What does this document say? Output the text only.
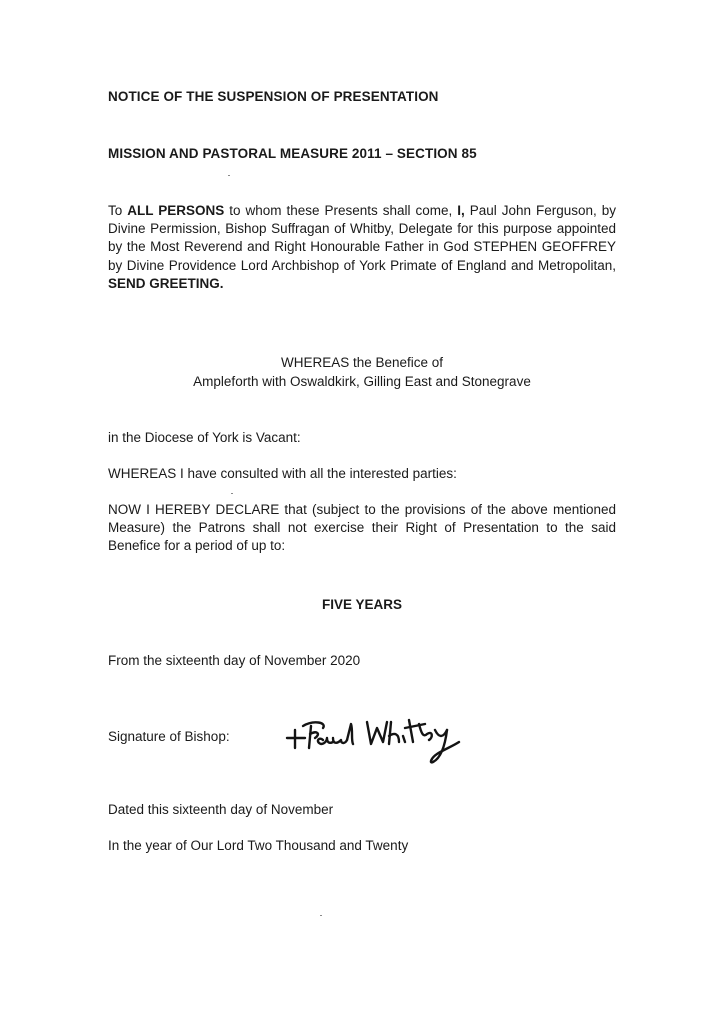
NOTICE OF THE SUSPENSION OF PRESENTATION
MISSION AND PASTORAL MEASURE 2011 – SECTION 85
To ALL PERSONS to whom these Presents shall come, I, Paul John Ferguson, by Divine Permission, Bishop Suffragan of Whitby, Delegate for this purpose appointed by the Most Reverend and Right Honourable Father in God STEPHEN GEOFFREY by Divine Providence Lord Archbishop of York Primate of England and Metropolitan, SEND GREETING.
WHEREAS the Benefice of
Ampleforth with Oswaldkirk, Gilling East and Stonegrave
in the Diocese of York is Vacant:
WHEREAS I have consulted with all the interested parties:
NOW I HEREBY DECLARE that (subject to the provisions of the above mentioned Measure) the Patrons shall not exercise their Right of Presentation to the said Benefice for a period of up to:
FIVE YEARS
From the sixteenth day of November 2020
Signature of Bishop:
Dated this sixteenth day of November
In the year of Our Lord Two Thousand and Twenty
